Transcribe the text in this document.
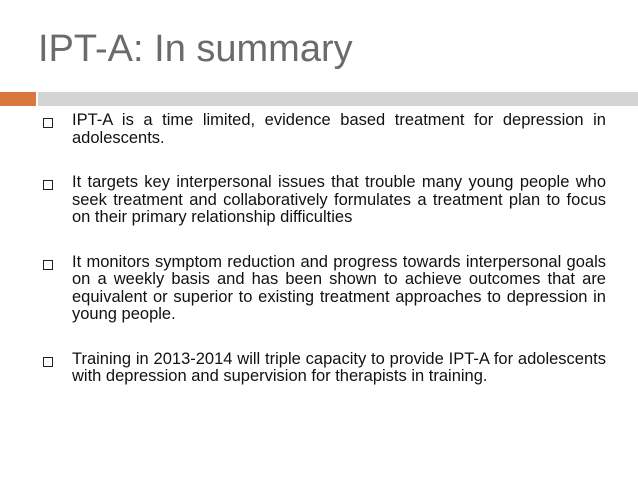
IPT-A: In summary
IPT-A is a time limited, evidence based treatment for depression in adolescents.
It targets key interpersonal issues that trouble many young people who seek treatment and collaboratively formulates a treatment plan to focus on their primary relationship difficulties
It monitors symptom reduction and progress towards interpersonal goals on a weekly basis and has been shown to achieve outcomes that are equivalent or superior to existing treatment approaches to depression in young people.
Training in 2013-2014 will triple capacity to provide IPT-A for adolescents with depression and supervision for therapists in training.
